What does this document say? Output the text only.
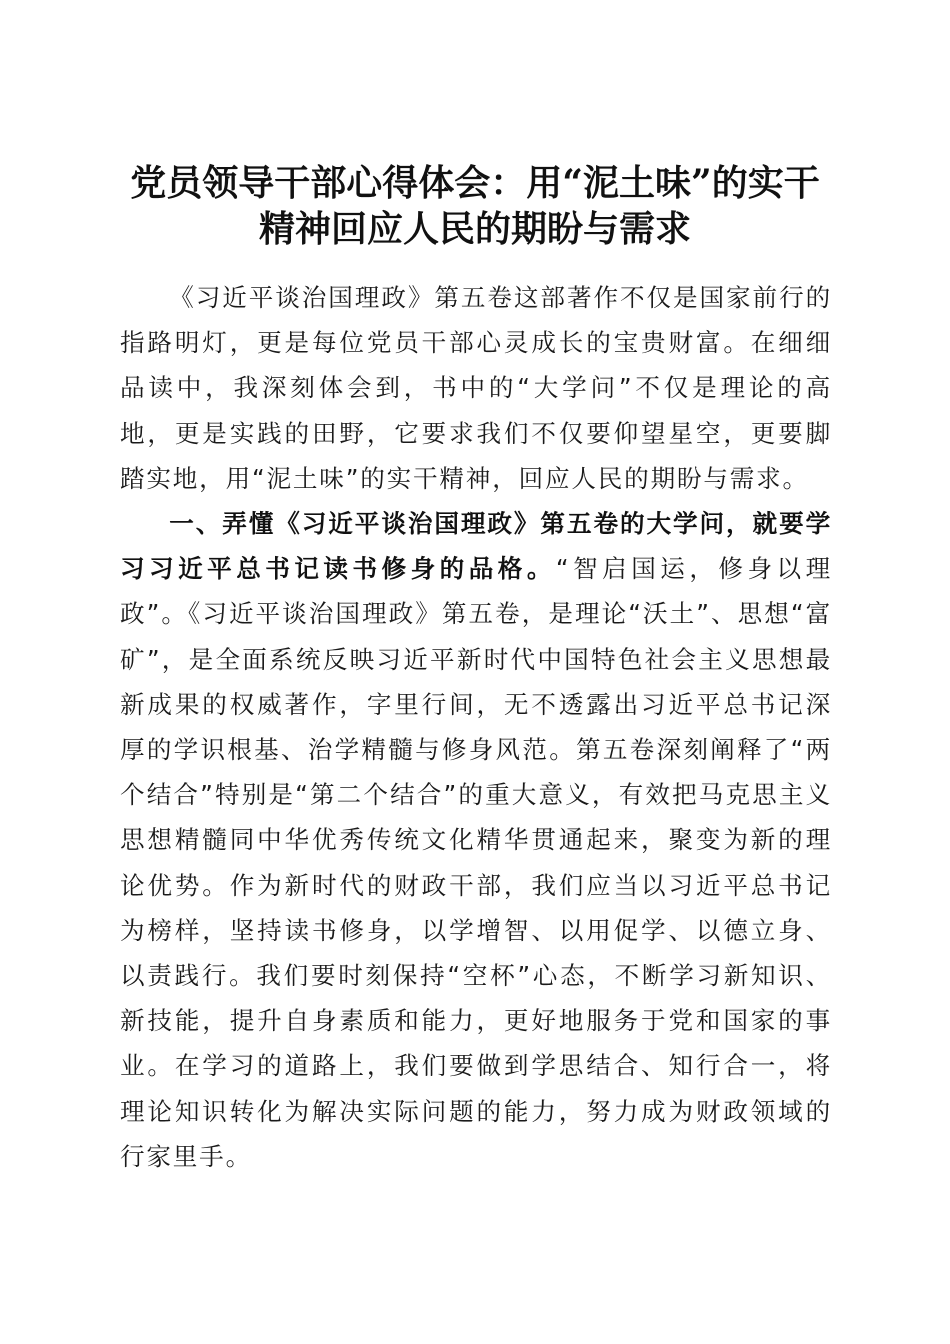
党员领导干部心得体会：用“泥土味”的实干
精神回应人民的期盼与需求

《习近平谈治国理政》第五卷这部著作不仅是国家前行的指路明灯，更是每位党员干部心灵成长的宝贵财富。在细细品读中，我深刻体会到，书中的“大学问”不仅是理论的高地，更是实践的田野，它要求我们不仅要仰望星空，更要脚踏实地，用“泥土味”的实干精神，回应人民的期盼与需求。

一、弄懂《习近平谈治国理政》第五卷的大学问，就要学习习近平总书记读书修身的品格。“智启国运，修身以理政”。《习近平谈治国理政》第五卷，是理论“沃土”、思想“富矿”，是全面系统反映习近平新时代中国特色社会主义思想最新成果的权威著作，字里行间，无不透露出习近平总书记深厚的学识根基、治学精髓与修身风范。第五卷深刻阐释了“两个结合”特别是“第二个结合”的重大意义，有效把马克思主义思想精髓同中华优秀传统文化精华贯通起来，聚变为新的理论优势。作为新时代的财政干部，我们应当以习近平总书记为榜样，坚持读书修身，以学增智、以用促学、以德立身、以责践行。我们要时刻保持“空杯”心态，不断学习新知识、新技能，提升自身素质和能力，更好地服务于党和国家的事业。在学习的道路上，我们要做到学思结合、知行合一，将理论知识转化为解决实际问题的能力，努力成为财政领域的行家里手。
